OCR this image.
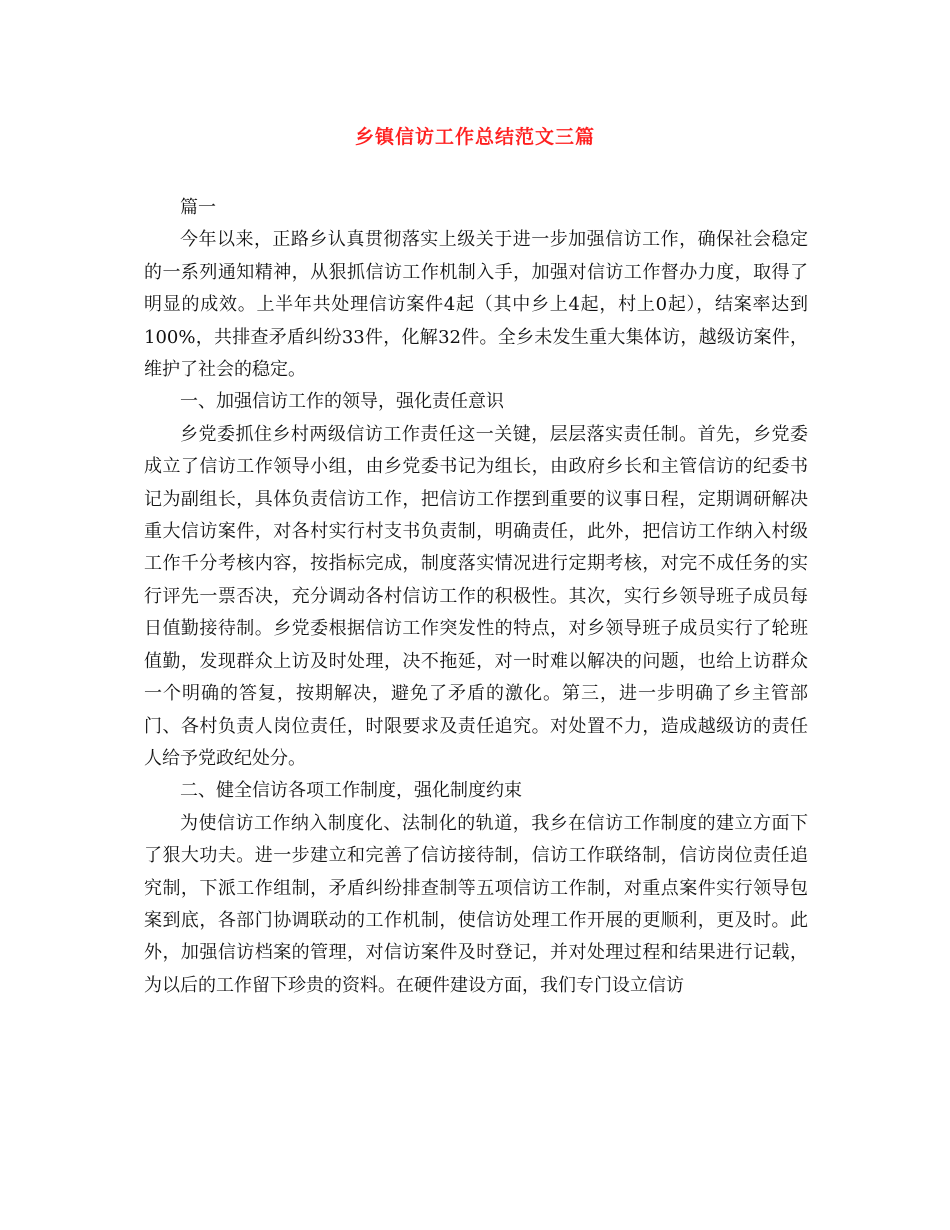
乡镇信访工作总结范文三篇

篇一

今年以来，正路乡认真贯彻落实上级关于进一步加强信访工作，确保社会稳定的一系列通知精神，从狠抓信访工作机制入手，加强对信访工作督办力度，取得了明显的成效。上半年共处理信访案件4起（其中乡上4起，村上0起），结案率达到100%，共排查矛盾纠纷33件，化解32件。全乡未发生重大集体访，越级访案件，维护了社会的稳定。

一、加强信访工作的领导，强化责任意识

乡党委抓住乡村两级信访工作责任这一关键，层层落实责任制。首先，乡党委成立了信访工作领导小组，由乡党委书记为组长，由政府乡长和主管信访的纪委书记为副组长，具体负责信访工作，把信访工作摆到重要的议事日程，定期调研解决重大信访案件，对各村实行村支书负责制，明确责任，此外，把信访工作纳入村级工作千分考核内容，按指标完成，制度落实情况进行定期考核，对完不成任务的实行评先一票否决，充分调动各村信访工作的积极性。其次，实行乡领导班子成员每日值勤接待制。乡党委根据信访工作突发性的特点，对乡领导班子成员实行了轮班值勤，发现群众上访及时处理，决不拖延，对一时难以解决的问题，也给上访群众一个明确的答复，按期解决，避免了矛盾的激化。第三，进一步明确了乡主管部门、各村负责人岗位责任，时限要求及责任追究。对处置不力，造成越级访的责任人给予党政纪处分。

二、健全信访各项工作制度，强化制度约束

为使信访工作纳入制度化、法制化的轨道，我乡在信访工作制度的建立方面下了狠大功夫。进一步建立和完善了信访接待制，信访工作联络制，信访岗位责任追究制，下派工作组制，矛盾纠纷排查制等五项信访工作制，对重点案件实行领导包案到底，各部门协调联动的工作机制，使信访处理工作开展的更顺利，更及时。此外，加强信访档案的管理，对信访案件及时登记，并对处理过程和结果进行记载，为以后的工作留下珍贵的资料。在硬件建设方面，我们专门设立信访
